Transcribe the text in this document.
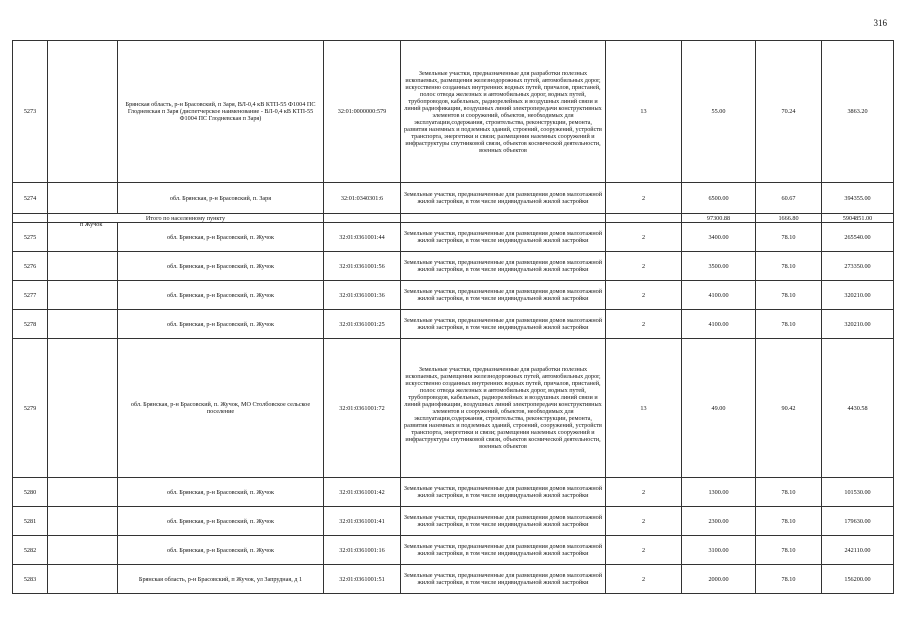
316
5273		Брянская область, р-н Брасовский, п Заря, ВЛ-0,4 кВ КТП-55 Ф1004 ПС Глодневская п Заря (диспетчерское наименование - ВЛ-0,4 кВ КТП-55 Ф1004 ПС Глодневская п Заря)	32:01:0000000:579	Земельные участки, предназначенные для разработки полезных ископаемых, размещения железнодорожных путей, автомобильных дорог, искусственно созданных внутренних водных путей, причалов, пристаней, полос отвода железных и автомобильных дорог, водных путей, трубопроводов, кабельных, радиорелейных и воздушных линий связи и линий радиофикации, воздушных линий электропередачи конструктивных элементов и сооружений, объектов, необходимых для эксплуатации,содержания, строительства, реконструкции, ремонта, развития наземных и подземных зданий, строений, сооружений, устройств транспорта, энергетики и связи; размещения наземных сооружений и инфраструктуры спутниковой связи, объектов космической деятельности, военных объектов	13	55.00	70.24	3863.20
5274		обл. Брянская, р-н Брасовский, п. Заря	32:01:0340301:6	Земельные участки, предназначенные для размещения домов малоэтажной жилой застройки, в том числе индивидуальной жилой застройки	2	6500.00	60.67	394355.00
	Итого по населенному пункту					97300.88	1666.80	5904851.00
5275		обл. Брянская, р-н Брасовский, п. Жучок	32:01:0361001:44	Земельные участки, предназначенные для размещения домов малоэтажной жилой застройки, в том числе индивидуальной жилой застройки	2	3400.00	78.10	265540.00
5276		обл. Брянская, р-н Брасовский, п. Жучок	32:01:0361001:56	Земельные участки, предназначенные для размещения домов малоэтажной жилой застройки, в том числе индивидуальной жилой застройки	2	3500.00	78.10	273350.00
5277		обл. Брянская, р-н Брасовский, п. Жучок	32:01:0361001:36	Земельные участки, предназначенные для размещения домов малоэтажной жилой застройки, в том числе индивидуальной жилой застройки	2	4100.00	78.10	320210.00
5278		обл. Брянская, р-н Брасовский, п. Жучок	32:01:0361001:25	Земельные участки, предназначенные для размещения домов малоэтажной жилой застройки, в том числе индивидуальной жилой застройки	2	4100.00	78.10	320210.00
5279		обл. Брянская, р-н Брасовский, п. Жучок, МО Столбовское сельское поселение	32:01:0361001:72	Земельные участки, предназначенные для разработки полезных ископаемых, размещения железнодорожных путей, автомобильных дорог, искусственно созданных внутренних водных путей, причалов, пристаней, полос отвода железных и автомобильных дорог, водных путей, трубопроводов, кабельных, радиорелейных и воздушных линий связи и линий радиофикации, воздушных линий электропередачи конструктивных элементов и сооружений, объектов, необходимых для эксплуатации,содержания, строительства, реконструкции, ремонта, развития наземных и подземных зданий, строений, сооружений, устройств транспорта, энергетики и связи; размещения наземных сооружений и инфраструктуры спутниковой связи, объектов космической деятельности, военных объектов	13	49.00	90.42	4430.58
5280		обл. Брянская, р-н Брасовский, п. Жучок	32:01:0361001:42	Земельные участки, предназначенные для размещения домов малоэтажной жилой застройки, в том числе индивидуальной жилой застройки	2	1300.00	78.10	101530.00
5281		обл. Брянская, р-н Брасовский, п. Жучок	32:01:0361001:41	Земельные участки, предназначенные для размещения домов малоэтажной жилой застройки, в том числе индивидуальной жилой застройки	2	2300.00	78.10	179630.00
5282		обл. Брянская, р-н Брасовский, п. Жучок	32:01:0361001:16	Земельные участки, предназначенные для размещения домов малоэтажной жилой застройки, в том числе индивидуальной жилой застройки	2	3100.00	78.10	242110.00
5283		Брянская область, р-н Брасовский, п Жучок, ул Запрудная, д 1	32:01:0361001:51	Земельные участки, предназначенные для размещения домов малоэтажной жилой застройки, в том числе индивидуальной жилой застройки	2	2000.00	78.10	156200.00
п Жучок
